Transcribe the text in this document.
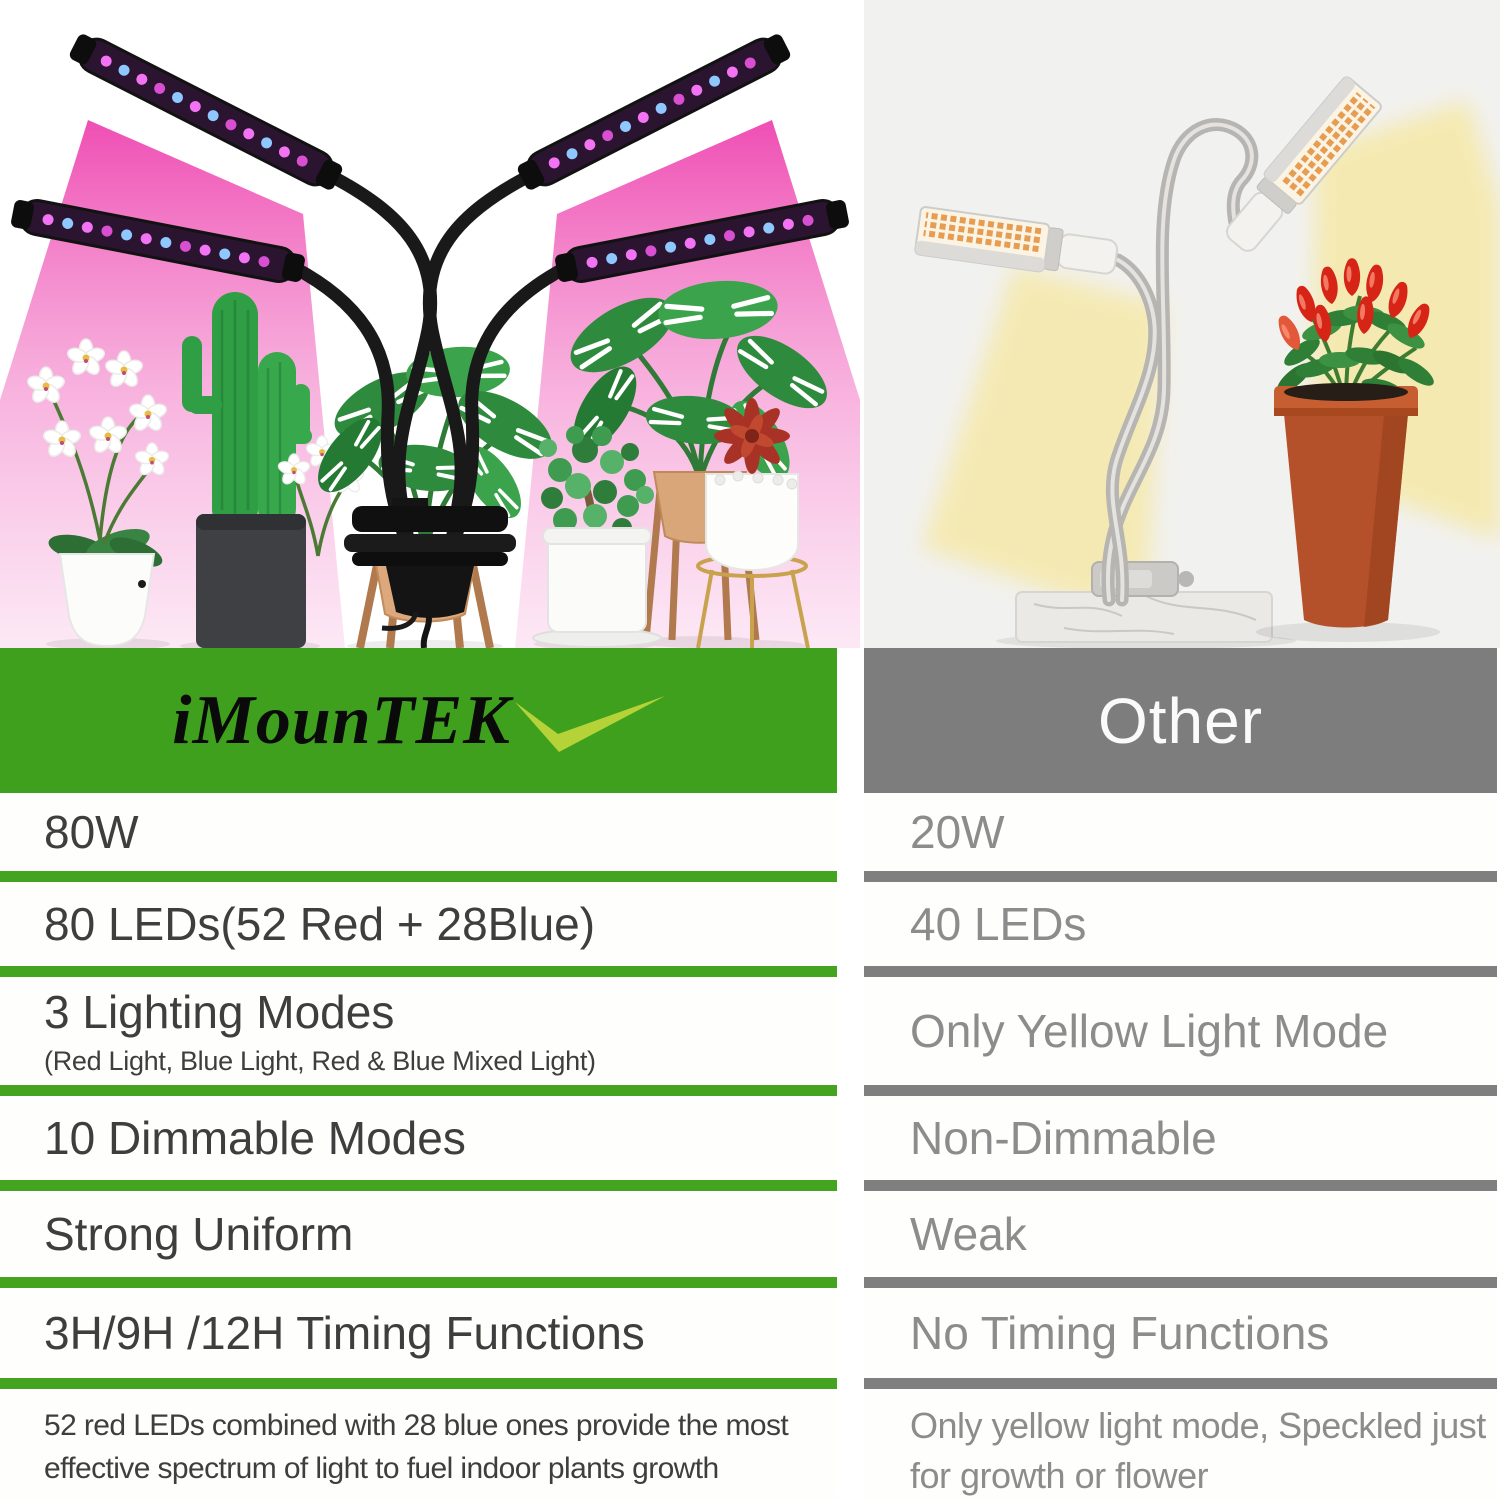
iMounTEK
80W
80 LEDs(52 Red + 28Blue)
3 Lighting Modes
(Red Light, Blue Light, Red & Blue Mixed Light)
10 Dimmable Modes
Strong Uniform
3H/9H /12H Timing Functions

52 red LEDs combined with 28 blue ones provide the most effective spectrum of light to fuel indoor plants growth

Other
20W
40 LEDs
Only Yellow Light Mode
Non-Dimmable
Weak
No Timing Functions

Only yellow light mode, Speckled just for growth or flower
